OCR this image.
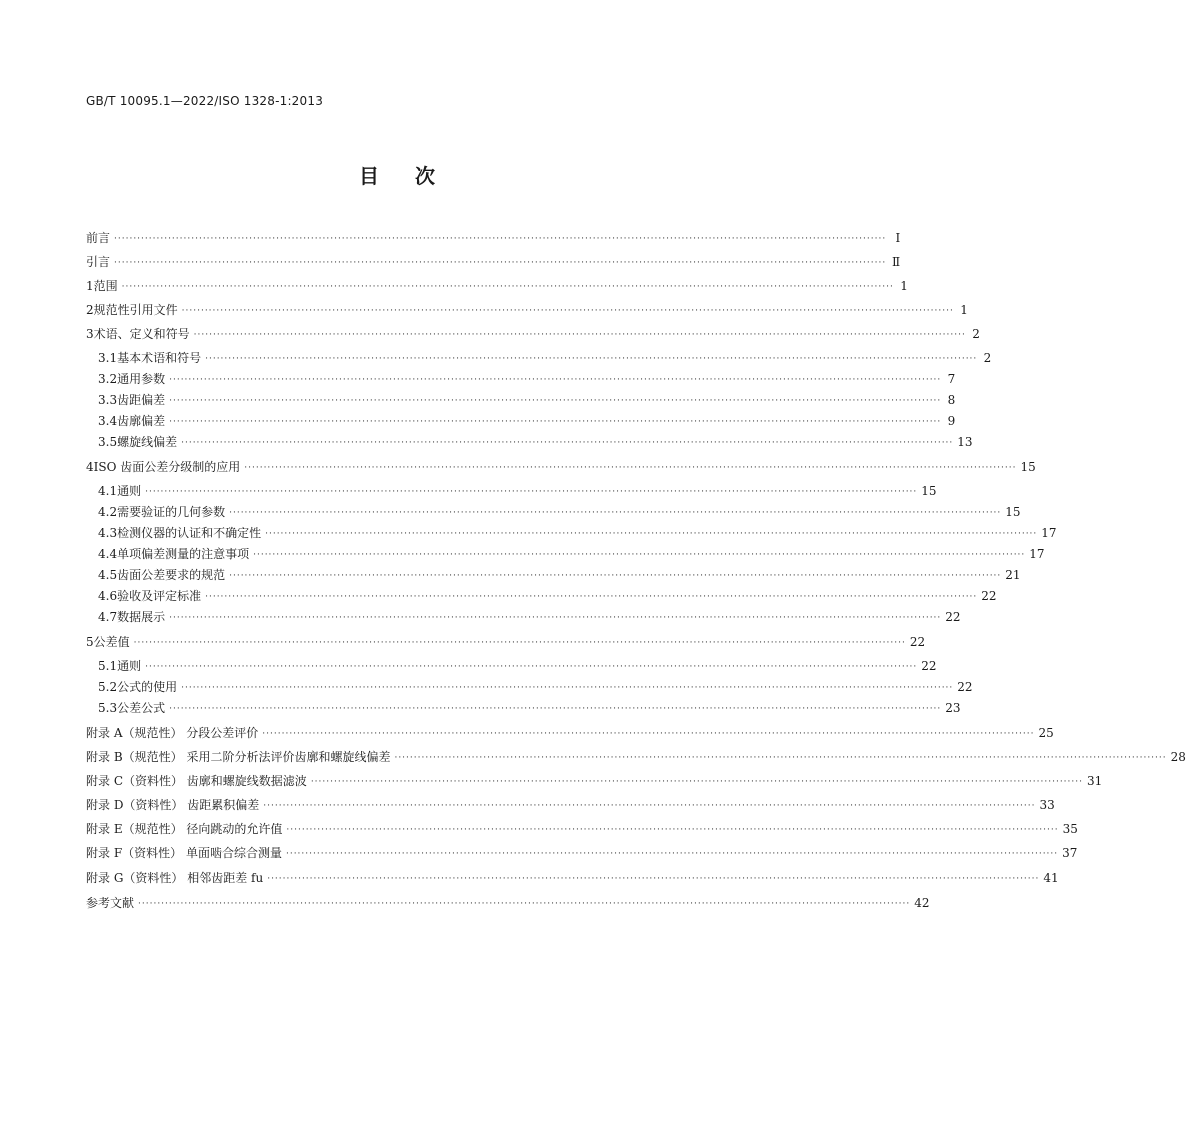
GB/T 10095.1—2022/ISO 1328-1:2013
目次
前言 ········································································································································································································ Ⅰ
引言 ········································································································································································································ Ⅱ
1 范围 ········································································································································································································ 1
2 规范性引用文件 ········································································································································································································ 1
3 术语、定义和符号 ········································································································································································································ 2
3.1 基本术语和符号 ········································································································································································································ 2
3.2 通用参数 ········································································································································································································ 7
3.3 齿距偏差 ········································································································································································································ 8
3.4 齿廓偏差 ········································································································································································································ 9
3.5 螺旋线偏差 ········································································································································································································ 13
4 ISO 齿面公差分级制的应用 ········································································································································································································ 15
4.1 通则 ········································································································································································································ 15
4.2 需要验证的几何参数 ········································································································································································································ 15
4.3 检测仪器的认证和不确定性 ········································································································································································································ 17
4.4 单项偏差测量的注意事项 ········································································································································································································ 17
4.5 齿面公差要求的规范 ········································································································································································································ 21
4.6 验收及评定标准 ········································································································································································································ 22
4.7 数据展示 ········································································································································································································ 22
5 公差值 ········································································································································································································ 22
5.1 通则 ········································································································································································································ 22
5.2 公式的使用 ········································································································································································································ 22
5.3 公差公式 ········································································································································································································ 23
附录 A（规范性） 分段公差评价 ········································································································································································································ 25
附录 B（规范性） 采用二阶分析法评价齿廓和螺旋线偏差 ········································································································································································································ 28
附录 C（资料性） 齿廓和螺旋线数据滤波 ········································································································································································································ 31
附录 D（资料性） 齿距累积偏差 ········································································································································································································ 33
附录 E（规范性） 径向跳动的允许值 ········································································································································································································ 35
附录 F（资料性） 单面啮合综合测量 ········································································································································································································ 37
附录 G（资料性） 相邻齿距差 fu ········································································································································································································ 41
参考文献 ········································································································································································································ 42
